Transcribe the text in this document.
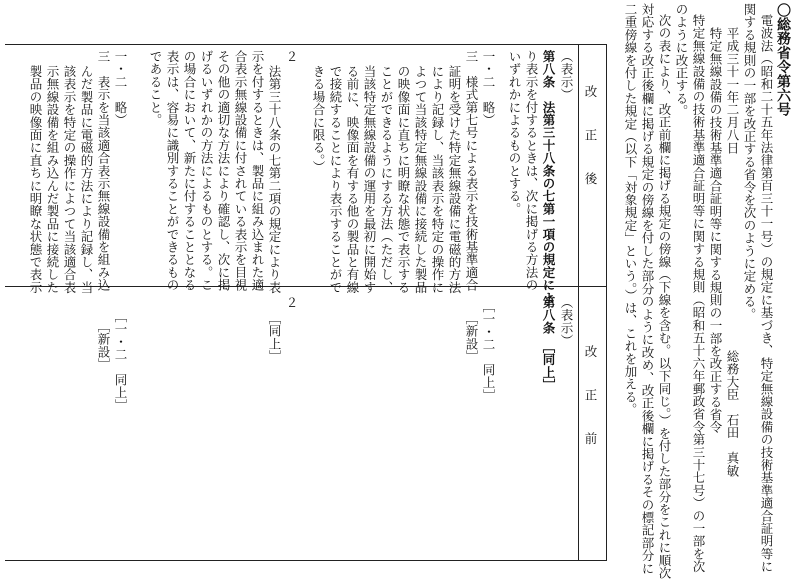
〇総務省令第六号
電波法（昭和二十五年法律第百三十一号）の規定に基づき、特定無線設備の技術基準適合証明等に
関する規則の一部を改正する省令を次のように定める。
平成三十一年二月八日
総務大臣　石田　真敏
特定無線設備の技術基準適合証明等に関する規則の一部を改正する省令
特定無線設備の技術基準適合証明等に関する規則（昭和五十六年郵政省令第三十七号）の一部を次
のように改正する。
次の表により、改正前欄に掲げる規定の傍線（下線を含む。以下同じ。）を付した部分をこれに順次
対応する改正後欄に掲げる規定の傍線を付した部分のように改め、改正後欄に掲げるその標記部分に
二重傍線を付した規定（以下「対象規定」という。）は、これを加える。
改　　正　　後
改　　正　　前
（表示）
第八条　法第三十八条の七第一項の規定によ
り表示を付するときは、次に掲げる方法の
いずれかによるものとする。
一・二　略）
三　様式第七号による表示を技術基準適合
証明を受けた特定無線設備に電磁的方法
により記録し、当該表示を特定の操作に
よつて当該特定無線設備に接続した製品
の映像面に直ちに明瞭な状態で表示する
ことができるようにする方法（ただし、
当該特定無線設備の運用を最初に開始す
る前に、映像面を有する他の製品と有線
で接続することにより表示することがで
きる場合に限る。）
２
法第三十八条の七第二項の規定により表
示を付するときは、製品に組み込まれた適
合表示無線設備に付されている表示を目視
その他の適切な方法により確認し、次に掲
げるいずれかの方法によるものとする。こ
の場合において、新たに付することとなる
表示は、容易に識別することができるもの
であること。
一・二　略）
三　表示を当該適合表示無線設備を組み込
んだ製品に電磁的方法により記録し、当
該表示を特定の操作によつて当該適合表
示無線設備を組み込んだ製品に接続した
製品の映像面に直ちに明瞭な状態で表示
（表示）
第八条　［同上］
［一・二　同上］
［新設］
２
［同上］
［一・二　同上］
［新設］
